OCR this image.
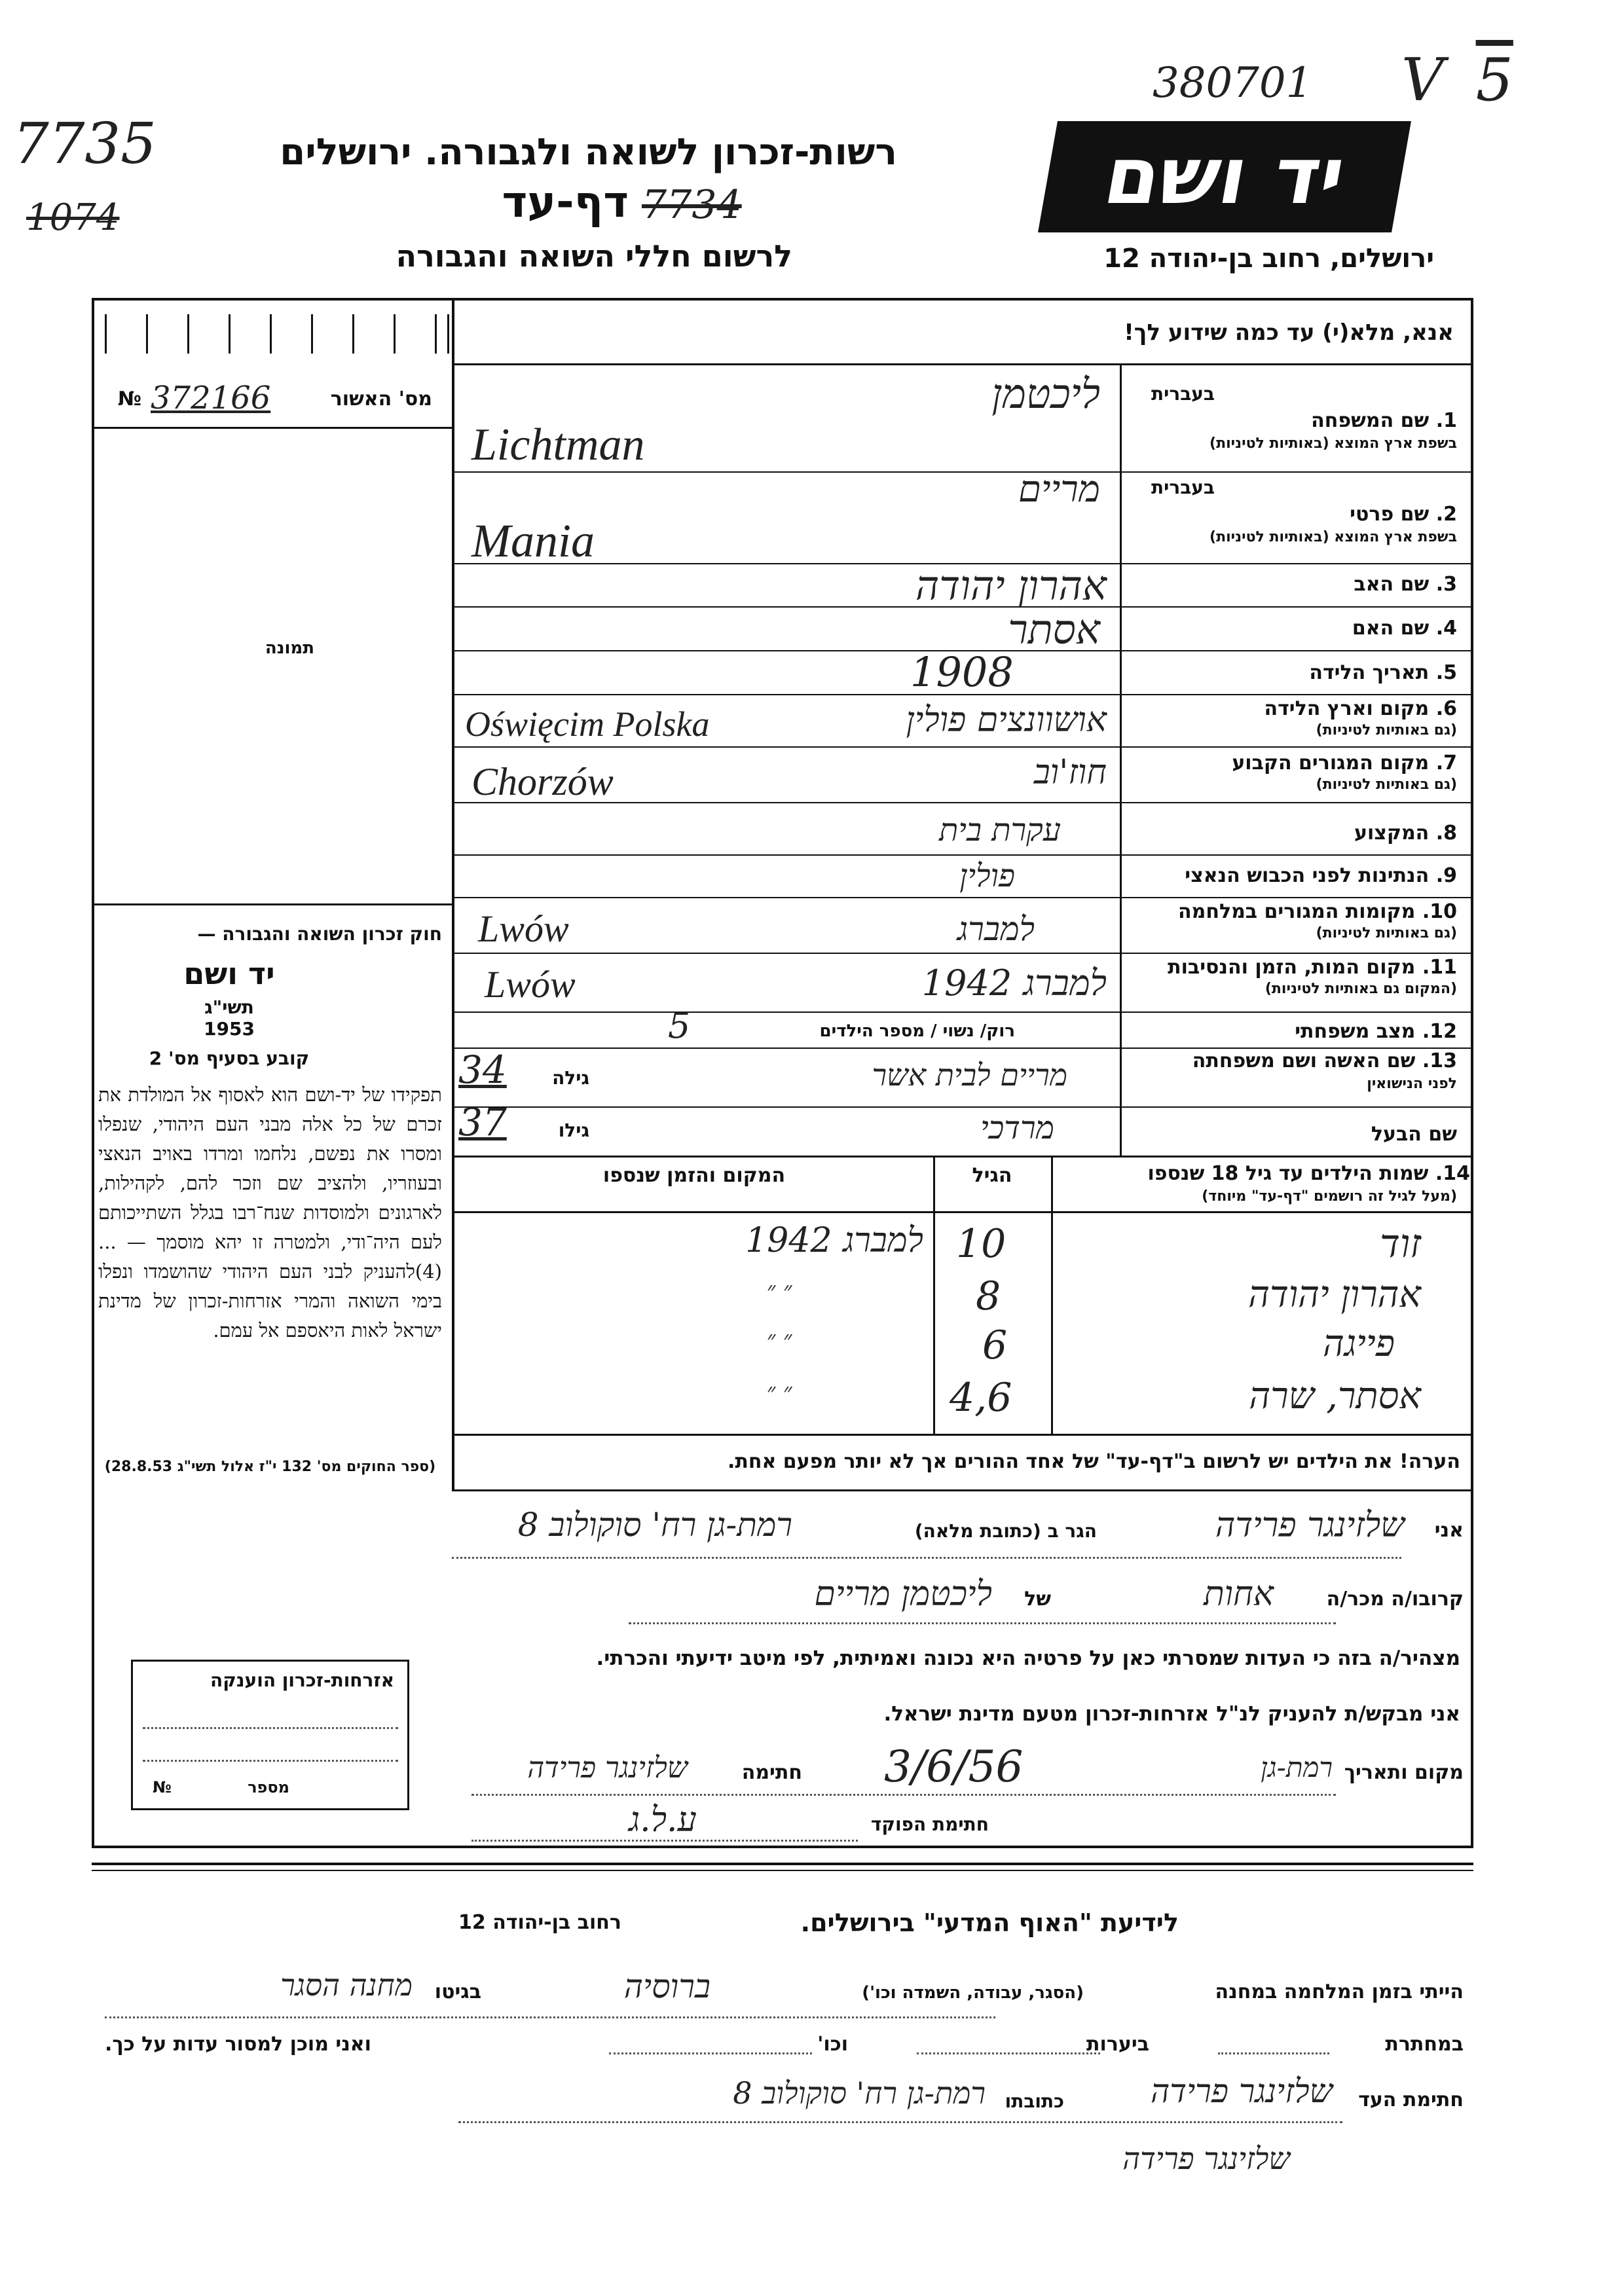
380701 V 5
7735
1074
רשות-זכרון לשואה ולגבורה. ירושלים
7734
דף-עד
לרשום חללי השואה והגבורה
יד ושם
ירושלים, רחוב בן-יהודה 12
אנא, מלא(י) עד כמה שידוע לך!
№ 372166	מס' האשור
תמונה
חוק זכרון השואה והגבורה —
יד ושם
תשי"ג
1953
קובע בסעיף מס' 2
תפקידו של יד-ושם הוא לאסוף אל המולדת את זכרם של כל אלה מבני העם היהודי, שנפלו ומסרו את נפשם, נלחמו ומרדו באויב הנאצי ובעוזריו, ולהציב שם וזכר להם, לקהילות, לארגונים ולמוסדות שנח־רבו בגלל השתייכותם לעם היה־ודי, ולמטרה זו יהא מוסמך — ...(4)להעניק לבני העם היהודי שהושמדו ונפלו בימי השואה והמרי אזרחות-זכרון של מדינת ישראל לאות היאספם אל עמם.
(ספר החוקים מס' 132 י"ז אלול תשי"ג 28.8.53)
אזרחות-זכרון הוענקה
מספר
№
בעברית
1. שם המשפחה
בשפת ארץ המוצא (באותיות לטיניות)
ליכטמן
Lichtman
בעברית
2. שם פרטי
בשפת ארץ המוצא (באותיות לטיניות)
מריים
Mania
3. שם האב
אהרון יהודה
4. שם האם
אסתר
5. תאריך הלידה
1908
6. מקום וארץ הלידה
(גם באותיות לטיניות)
אושוונצים פולין
Oświęcim Polska
7. מקום המגורים הקבוע
(גם באותיות לטיניות)
חוז'וב
Chorzów
8. המקצוע
עקרת בית
9. הנתינות לפני הכבוש הנאצי
פולין
10. מקומות המגורים במלחמה
(גם באותיות לטיניות)
למברג
Lwów
11. מקום המות, הזמן והנסיבות
(המקום גם באותיות לטיניות)
למברג 1942
Lwów
12. מצב משפחתי
רוק/ נשוי / מספר הילדים
5
13. שם האשה ושם משפחתה
לפני הנישואין
מריים לבית אשר
גילה
34
שם הבעל
מרדכי
גילו
37
14. שמות הילדים עד גיל 18 שנספו
(מעל לגיל זה רושמים "דף-עד" מיוחד)
הגיל
המקום והזמן שנספו
זוד
10
למברג 1942
אהרון יהודה
8
״ ״
פייגה
6
״ ״
אסתר, שרה
4,6
״ ״
הערה! את הילדים יש לרשום ב"דף-עד" של אחד ההורים אך לא יותר מפעם אחת.
אני
שלזינגר פרידה
הגר ב (כתובת מלאה)
רמת-גן רח' סוקולוב 8
קרובו/ה מכר/ה
אחות
של
ליכטמן מריים
מצהיר/ה בזה כי העדות שמסרתי כאן על פרטיה היא נכונה ואמיתית, לפי מיטב ידיעתי והכרתי.
אני מבקש/ת להעניק לנ"ל אזרחות-זכרון מטעם מדינת ישראל.
מקום ותאריך
רמת-גן
3/6/56
חתימה
שלזינגר פרידה
חתימת הפוקד
ע.ל.ג
לידיעת "האוף המדעי" בירושלים.
רחוב בן-יהודה 12
הייתי בזמן המלחמה במחנה
ברוסיה	(הסגר, עבודה, השמדה וכו')
בגיטו
מחנה הסגר
במחתרת
ביערות
וכו'
ואני מוכן למסור עדות על כך.
חתימת העד
שלזינגר פרידה
כתובתו
רמת-גן רח' סוקולוב 8
שלזינגר פרידה
